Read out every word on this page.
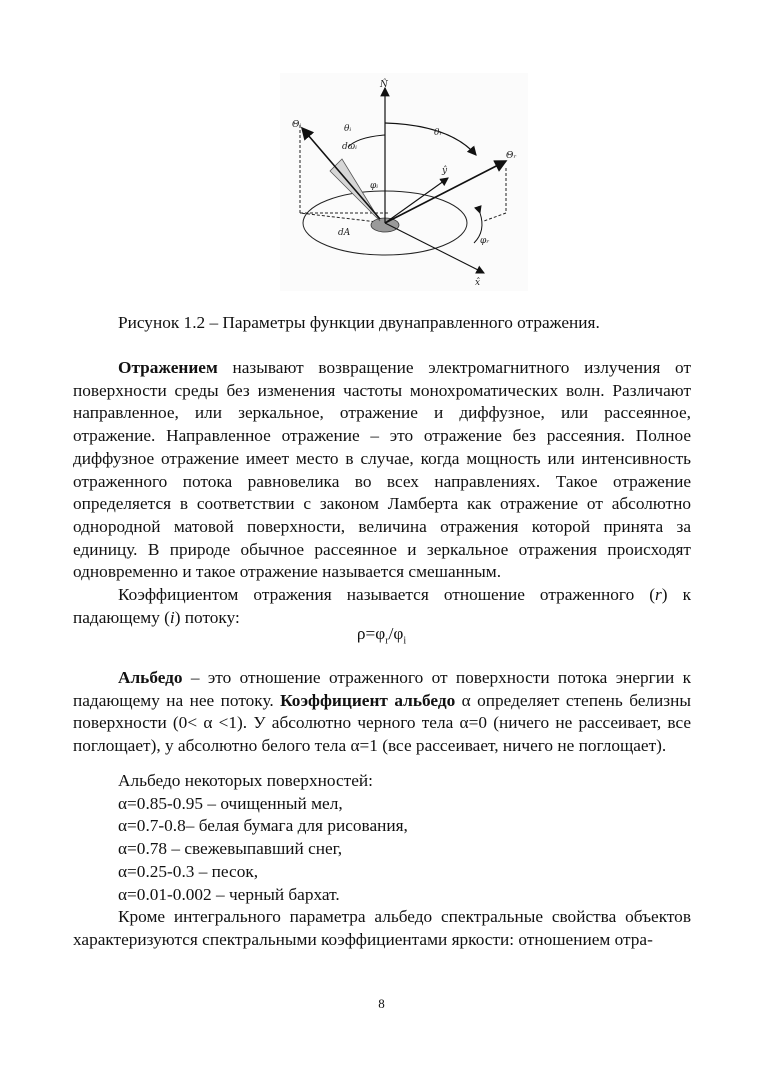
N̂
Θᵢ	θᵢ
dωᵢ
θᵣ
Θᵣ
ŷ
φᵢ
φᵣ
dA
x̂
Рисунок 1.2 – Параметры функции двунаправленного отражения.

Отражением называют возвращение электромагнитного излучения от поверхности среды без изменения частоты монохроматических волн. Различают направленное, или зеркальное, отражение и диффузное, или рассеянное, отражение. Направленное отражение – это отражение без рассеяния. Полное диффузное отражение имеет место в случае, когда мощность или интенсивность отраженного потока равновелика во всех направлениях. Такое отражение определяется в соответствии с законом Ламберта как отражение от абсолютно однородной матовой поверхности, величина отражения которой принята за единицу. В природе обычное рассеянное и зеркальное отражения происходят одновременно и такое отражение называется смешанным.

Коэффициентом отражения называется отношение отраженного (r) к падающему (i) потоку:

$\rho=\varphi_r/\varphi_i$

Альбедо – это отношение отраженного от поверхности потока энергии к падающему на нее потоку. Коэффициент альбедо α определяет степень белизны поверхности (0< α <1). У абсолютно черного тела α=0 (ничего не рассеивает, все поглощает), у абсолютно белого тела α=1 (все рассеивает, ничего не поглощает).

Альбедо некоторых поверхностей:
α=0.85-0.95 – очищенный мел,
α=0.7-0.8– белая бумага для рисования,
α=0.78 – свежевыпавший снег,
α=0.25-0.3 – песок,
α=0.01-0.002 – черный бархат.

Кроме интегрального параметра альбедо спектральные свойства объектов характеризуются спектральными коэффициентами яркости: отношением отра-

8
